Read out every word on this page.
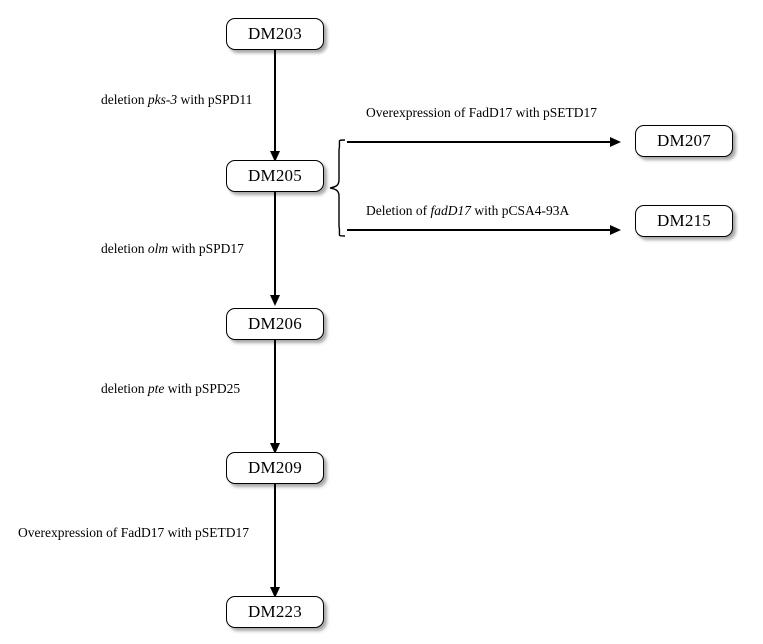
deletion pks-3 with pSPD11
deletion olm with pSPD17
deletion pte with pSPD25
Overexpression of FadD17 with pSETD17
Overexpression of FadD17 with pSETD17
Deletion of fadD17 with pCSA4-93A
DM203
DM205
DM206
DM209
DM223
DM207
DM215
